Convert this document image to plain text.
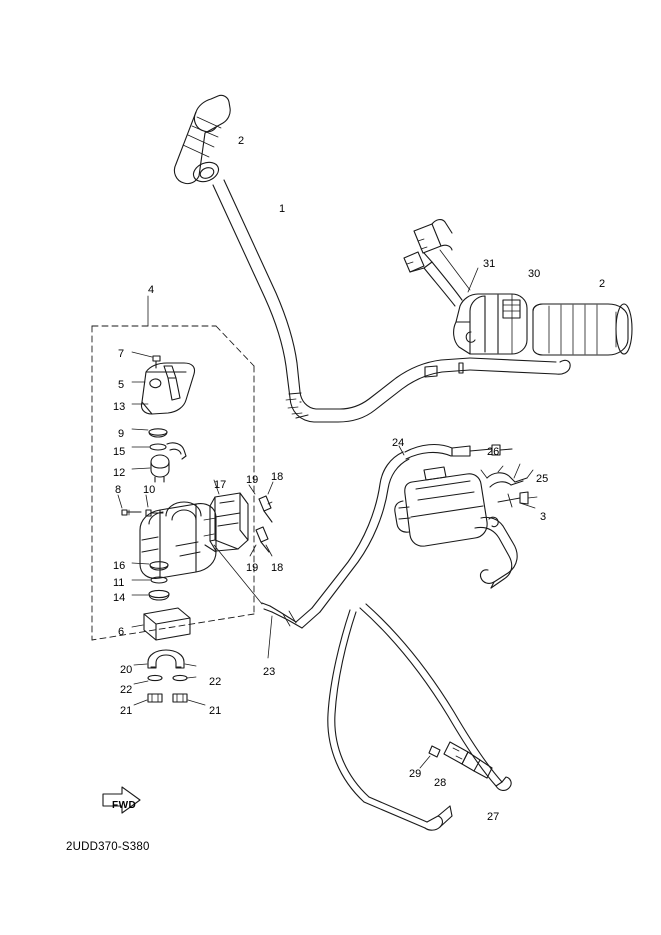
FWD
2UDD370-S380
2
1
31
30
2
4
7
5
13
9
15
12
24
26
25
8 10	17 19 18
3
16	19 18
11
14
6
20
22
22
21	21
23
29
28
27
